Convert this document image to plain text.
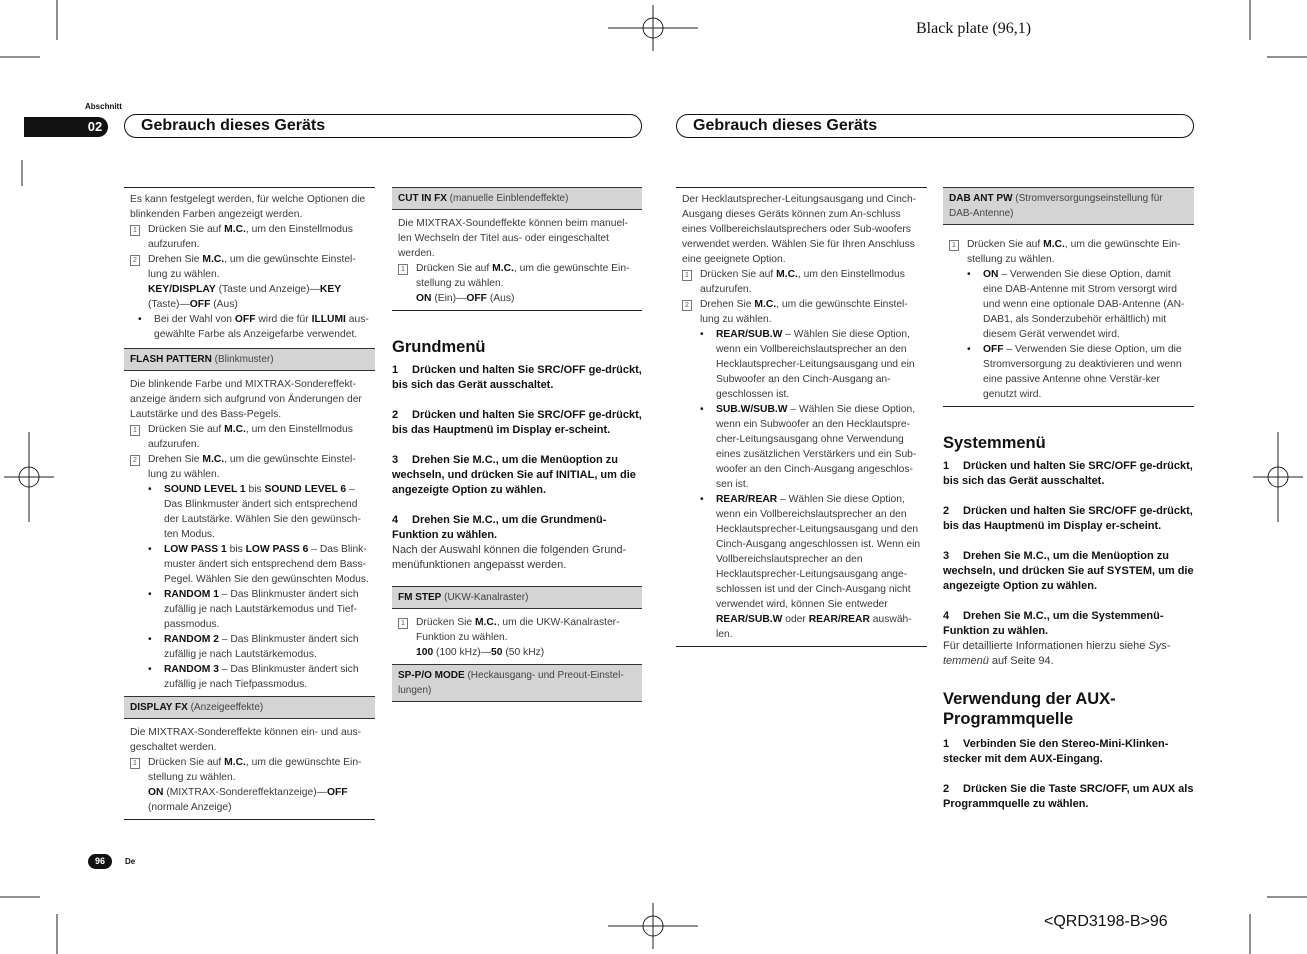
Black plate (96,1)
<QRD3198-B>96
Abschnitt
02	Gebrauch dieses Geräts	Gebrauch dieses Geräts

Es kann festgelegt werden, für welche Optionen die blinkenden Farben angezeigt werden.

1	Drücken Sie auf M.C., um den Einstellmodus aufzurufen.

2	Drehen Sie M.C., um die gewünschte Einstel-lung zu wählen.

KEY/DISPLAY (Taste und Anzeige)—KEY
(Taste)—OFF (Aus)

• Bei der Wahl von OFF wird die für ILLUMI aus-gewählte Farbe als Anzeigefarbe verwendet.
FLASH PATTERN (Blinkmuster)

Die blinkende Farbe und MIXTRAX-Sondereffekt-anzeige ändern sich aufgrund von Änderungen der Lautstärke und des Bass-Pegels.

1	Drücken Sie auf M.C., um den Einstellmodus aufzurufen.

2	Drehen Sie M.C., um die gewünschte Einstel-lung zu wählen.

• SOUND LEVEL 1 bis SOUND LEVEL 6 – Das Blinkmuster ändert sich entsprechend der Lautstärke. Wählen Sie den gewünsch-ten Modus.
• LOW PASS 1 bis LOW PASS 6 – Das Blink-muster ändert sich entsprechend dem Bass-Pegel. Wählen Sie den gewünschten Modus.
• RANDOM 1 – Das Blinkmuster ändert sich zufällig je nach Lautstärkemodus und Tief-passmodus.
• RANDOM 2 – Das Blinkmuster ändert sich zufällig je nach Lautstärkemodus.
• RANDOM 3 – Das Blinkmuster ändert sich zufällig je nach Tiefpassmodus.
DISPLAY FX (Anzeigeeffekte)

Die MIXTRAX-Sondereffekte können ein- und aus-geschaltet werden.

1	Drücken Sie auf M.C., um die gewünschte Ein-stellung zu wählen.

ON (MIXTRAX-Sondereffektanzeige)—OFF
(normale Anzeige)

CUT IN FX (manuelle Einblendeffekte)

Die MIXTRAX-Soundeffekte können beim manuel-len Wechseln der Titel aus- oder eingeschaltet werden.

1	Drücken Sie auf M.C., um die gewünschte Ein-stellung zu wählen.

ON (Ein)—OFF (Aus)

Grundmenü

1 Drücken und halten Sie SRC/OFF ge-drückt, bis sich das Gerät ausschaltet.

2 Drücken und halten Sie SRC/OFF ge-drückt, bis das Hauptmenü im Display er-scheint.

3 Drehen Sie M.C., um die Menüoption zu wechseln, und drücken Sie auf INITIAL, um die angezeigte Option zu wählen.

4 Drehen Sie M.C., um die Grundmenü-Funktion zu wählen.

Nach der Auswahl können die folgenden Grund-menüfunktionen angepasst werden.

FM STEP (UKW-Kanalraster)
1	Drücken Sie M.C., um die UKW-Kanalraster-Funktion zu wählen.

100 (100 kHz)—50 (50 kHz)

SP-P/O MODE (Heckausgang- und Preout-Einstel-lungen)

Der Hecklautsprecher-Leitungsausgang und Cinch-Ausgang dieses Geräts können zum An-schluss eines Vollbereichslautsprechers oder Sub-woofers verwendet werden. Wählen Sie für Ihren Anschluss eine geeignete Option.

1	Drücken Sie auf M.C., um den Einstellmodus aufzurufen.

2	Drehen Sie M.C., um die gewünschte Einstel-lung zu wählen.

• REAR/SUB.W – Wählen Sie diese Option, wenn ein Vollbereichslautsprecher an den Hecklautsprecher-Leitungsausgang und ein Subwoofer an den Cinch-Ausgang an-geschlossen ist.
• SUB.W/SUB.W – Wählen Sie diese Option, wenn ein Subwoofer an den Hecklautspre-cher-Leitungsausgang ohne Verwendung eines zusätzlichen Verstärkers und ein Sub-woofer an den Cinch-Ausgang angeschlos-sen ist.
• REAR/REAR – Wählen Sie diese Option, wenn ein Vollbereichslautsprecher an den Hecklautsprecher-Leitungsausgang und den Cinch-Ausgang angeschlossen ist. Wenn ein Vollbereichslautsprecher an den Hecklautsprecher-Leitungsausgang ange-schlossen ist und der Cinch-Ausgang nicht verwendet wird, können Sie entweder REAR/SUB.W oder REAR/REAR auswäh-len.
DAB ANT PW (Stromversorgungseinstellung für DAB-Antenne)
1	Drücken Sie auf M.C., um die gewünschte Ein-stellung zu wählen.

• ON – Verwenden Sie diese Option, damit eine DAB-Antenne mit Strom versorgt wird und wenn eine optionale DAB-Antenne (AN-DAB1, als Sonderzubehör erhältlich) mit diesem Gerät verwendet wird.
• OFF – Verwenden Sie diese Option, um die Stromversorgung zu deaktivieren und wenn eine passive Antenne ohne Verstär-ker genutzt wird.

Systemmenü

1 Drücken und halten Sie SRC/OFF ge-drückt, bis sich das Gerät ausschaltet.

2 Drücken und halten Sie SRC/OFF ge-drückt, bis das Hauptmenü im Display er-scheint.

3 Drehen Sie M.C., um die Menüoption zu wechseln, und drücken Sie auf SYSTEM, um die angezeigte Option zu wählen.

4 Drehen Sie M.C., um die Systemmenü-Funktion zu wählen.

Für detaillierte Informationen hierzu siehe Sys-temmenü auf Seite 94.

Verwendung der AUX-Programmquelle

1 Verbinden Sie den Stereo-Mini-Klinken-stecker mit dem AUX-Eingang.

2 Drücken Sie die Taste SRC/OFF, um AUX als Programmquelle zu wählen.

96	De
